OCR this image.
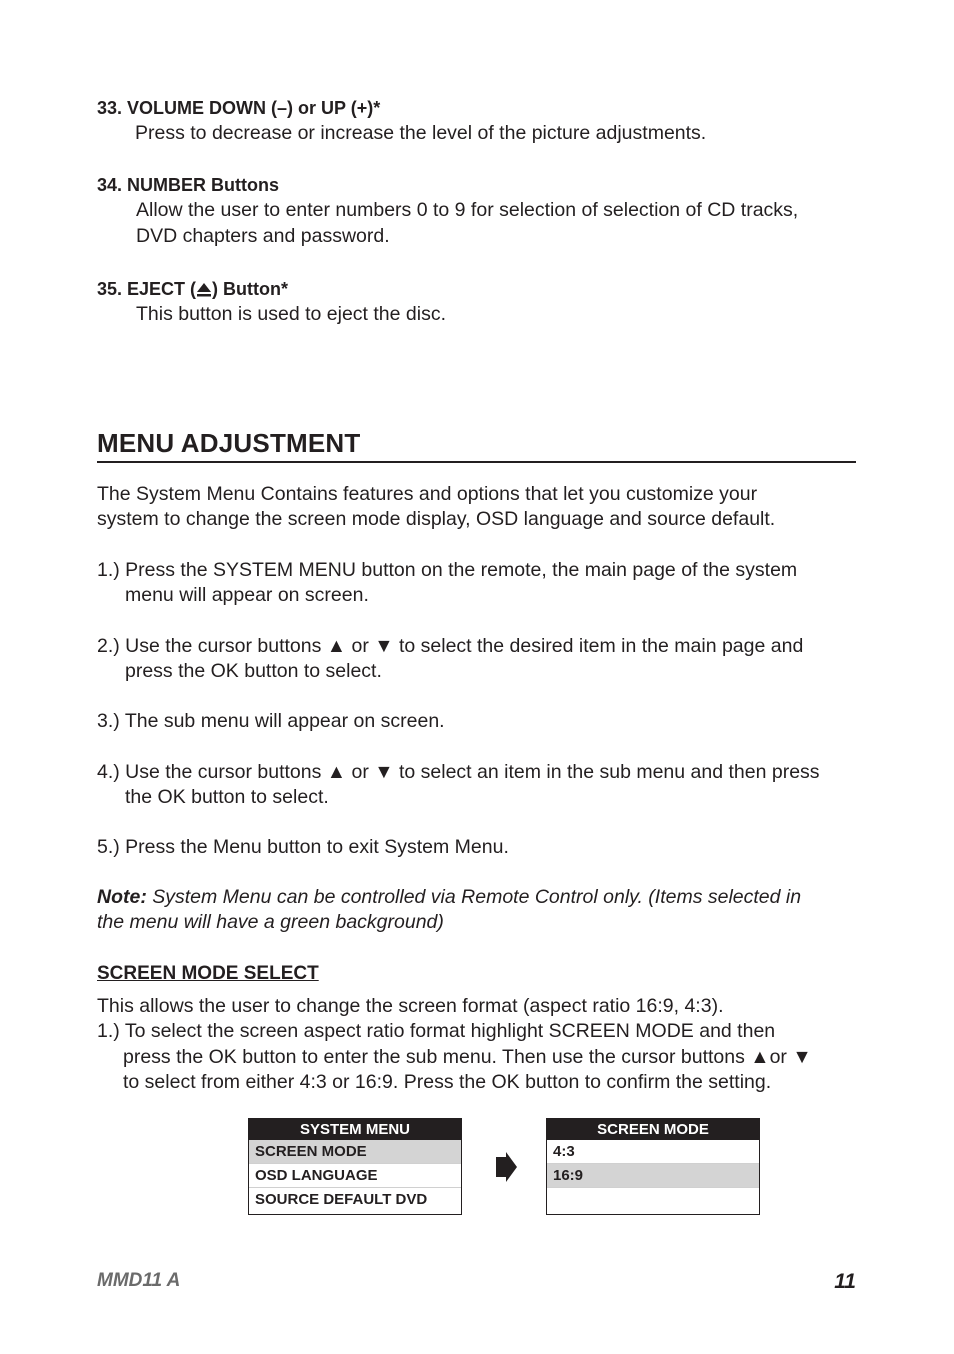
33. VOLUME DOWN (–) or UP (+)*
Press to decrease or increase the level of the picture adjustments.
34. NUMBER Buttons
Allow the user to enter numbers 0 to 9 for selection of selection of CD tracks,
DVD chapters and password.
35. EJECT ( ) Button*
This button is used to eject the disc.
MENU ADJUSTMENT
The System Menu Contains features and options that let you customize your
system to change the screen mode display, OSD language and source default.
1.) Press the SYSTEM MENU button on the remote, the main page of the system
menu will appear on screen.
2.) Use the cursor buttons ▲ or ▼ to select the desired item in the main page and
press the OK button to select.
3.) The sub menu will appear on screen.
4.) Use the cursor buttons ▲ or ▼ to select an item in the sub menu and then press
the OK button to select.
5.) Press the Menu button to exit System Menu.
Note: System Menu can be controlled via Remote Control only. (Items selected in
the menu will have a green background)
SCREEN MODE SELECT
This allows the user to change the screen format (aspect ratio 16:9, 4:3).
1.) To select the screen aspect ratio format highlight SCREEN MODE and then
press the OK button to enter the sub menu. Then use the cursor buttons ▲or ▼
to select from either 4:3 or 16:9. Press the OK button to confirm the setting.
SYSTEM MENU
SCREEN MODE
OSD LANGUAGE
SOURCE DEFAULT DVD
SCREEN MODE
4:3
16:9
MMD11 A	11
